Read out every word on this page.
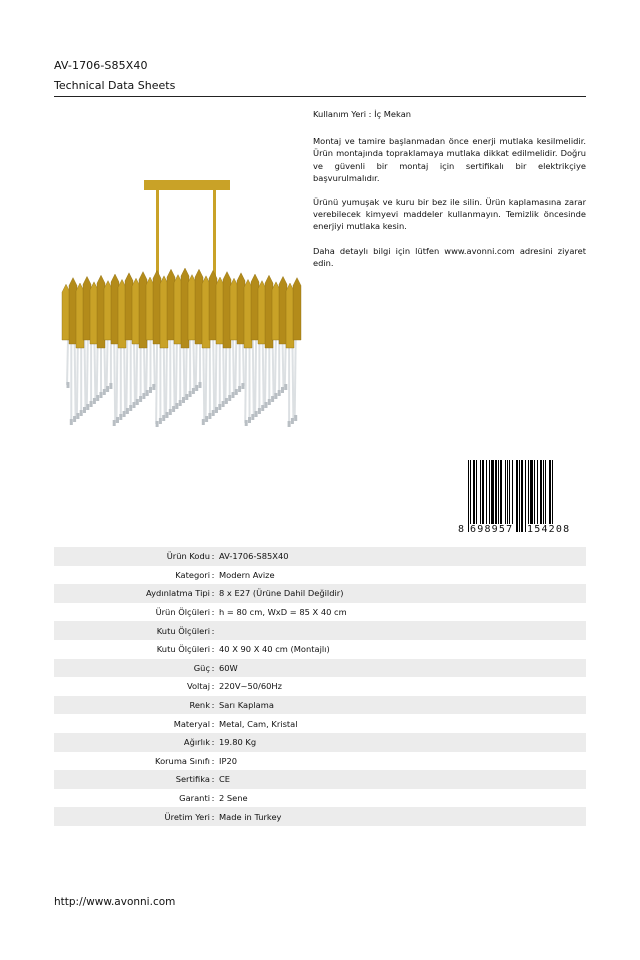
AV-1706-S85X40
Technical Data Sheets

Kullanım Yeri : İç Mekan

Montaj ve tamire başlanmadan önce enerji mutlaka kesilmelidir. Ürün montajında topraklamaya mutlaka dikkat edilmelidir. Doğru ve güvenli bir montaj için sertifikalı bir elektrikçiye başvurulmalıdır.

Ürünü yumuşak ve kuru bir bez ile silin. Ürün kaplamasına zarar verebilecek kimyevi maddeler kullanmayın. Temizlik öncesinde enerjiyi mutlaka kesin.

Daha detaylı bilgi için lütfen www.avonni.com adresini ziyaret edin.

8 698957 154208
Ürün Kodu : AV-1706-S85X40
Kategori : Modern Avize
Aydınlatma Tipi : 8 x E27 (Ürüne Dahil Değildir)
Ürün Ölçüleri : h = 80 cm, WxD = 85 X 40 cm
Kutu Ölçüleri :
Kutu Ölçüleri : 40 X 90 X 40 cm (Montajlı)
Güç : 60W
Voltaj : 220V~50/60Hz
Renk : Sarı Kaplama
Materyal : Metal, Cam, Kristal
Ağırlık : 19.80 Kg
Koruma Sınıfı : IP20
Sertifika : CE
Garanti : 2 Sene
Üretim Yeri : Made in Turkey
http://www.avonni.com
